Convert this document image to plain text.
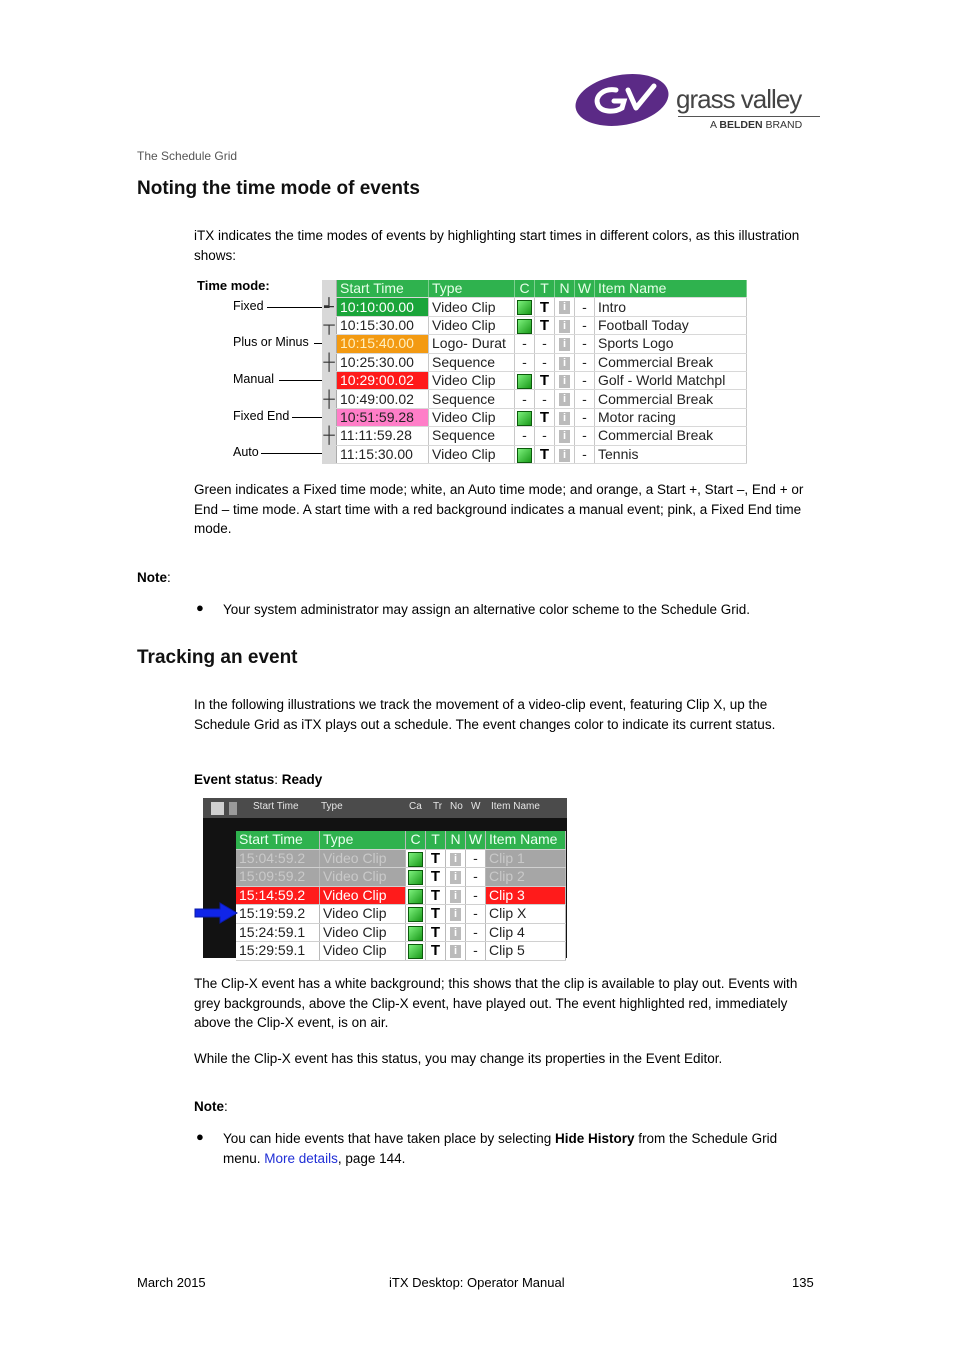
grass valley
A BELDEN BRAND
The Schedule Grid
Noting the time mode of events
iTX indicates the time modes of events by highlighting start times in different colors, as this illustration shows:
Time mode:
Fixed
Plus or Minus
Manual
Fixed End
Auto
	Start Time	Type	C	T	N	W	Item Name
┵	10:10:00.00	Video Clip		T	i	-	Intro
┬	10:15:30.00	Video Clip		T	i	-	Football Today
	10:15:40.00	Logo- Durat	-	-	i	-	Sports Logo
┼	10:25:30.00	Sequence	-	-	i	-	Commercial Break
	10:29:00.02	Video Clip		T	i	-	Golf - World Matchpl
┼	10:49:00.02	Sequence	-	-	i	-	Commercial Break
	10:51:59.28	Video Clip		T	i	-	Motor racing
┼	11:11:59.28	Sequence	-	-	i	-	Commercial Break
	11:15:30.00	Video Clip		T	i	-	Tennis
Green indicates a Fixed time mode; white, an Auto time mode; and orange, a Start +, Start –, End + or End – time mode. A start time with a red background indicates a manual event; pink, a Fixed End time mode.
Note:
● Your system administrator may assign an alternative color scheme to the Schedule Grid.
Tracking an event
In the following illustrations we track the movement of a video-clip event, featuring Clip X, up the Schedule Grid as iTX plays out a schedule. The event changes color to indicate its current status.
Event status: Ready
Start Time Type	Ca Tr No W Item Name
Start Time	Type	C	T	N	W	Item Name
15:04:59.2	Video Clip		T	i	-	Clip 1
15:09:59.2	Video Clip		T	i	-	Clip 2
15:14:59.2	Video Clip		T	i	-	Clip 3
15:19:59.2	Video Clip		T	i	-	Clip X
15:24:59.1	Video Clip		T	i	-	Clip 4
15:29:59.1	Video Clip		T	i	-	Clip 5
The Clip-X event has a white background; this shows that the clip is available to play out. Events with grey backgrounds, above the Clip-X event, have played out. The event highlighted red, immediately above the Clip-X event, is on air.
While the Clip-X event has this status, you may change its properties in the Event Editor.
Note:
● You can hide events that have taken place by selecting Hide History from the Schedule Grid menu. More details, page 144.
March 2015	iTX Desktop: Operator Manual	135
